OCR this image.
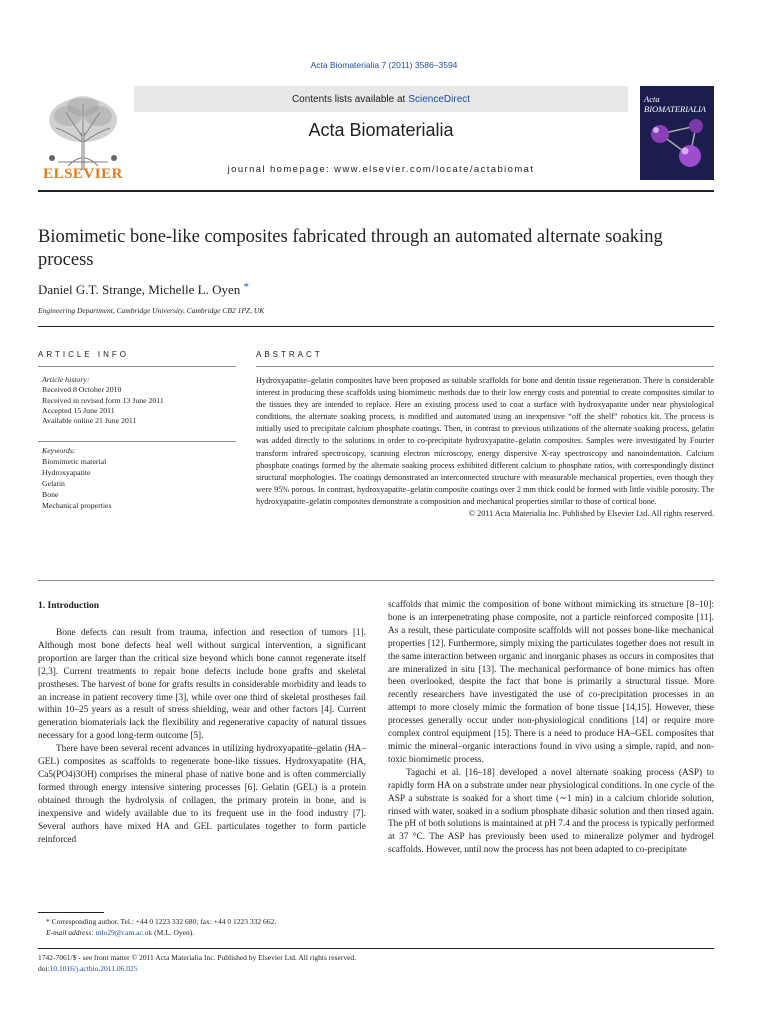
Acta Biomaterialia 7 (2011) 3586–3594
ELSEVIER
Contents lists available at ScienceDirect
Acta Biomaterialia
journal homepage: www.elsevier.com/locate/actabiomat
Acta BIOMATERIALIA
Biomimetic bone-like composites fabricated through an automated alternate soaking process
Daniel G.T. Strange, Michelle L. Oyen *
Engineering Department, Cambridge University, Cambridge CB2 1PZ, UK
ARTICLE INFO	ABSTRACT
Article history:
Received 8 October 2010
Received in revised form 13 June 2011
Accepted 15 June 2011
Available online 21 June 2011
Keywords:
Biomimetic material
Hydroxyapatite
Gelatin
Bone
Mechanical properties
Hydroxyapatite–gelatin composites have been proposed as suitable scaffolds for bone and dentin tissue regeneration. There is considerable interest in producing these scaffolds using biomimetic methods due to their low energy costs and potential to create composites similar to the tissues they are intended to replace. Here an existing process used to coat a surface with hydroxyapatite under near physiological conditions, the alternate soaking process, is modified and automated using an inexpensive “off the shelf” robotics kit. The process is initially used to precipitate calcium phosphate coatings. Then, in contrast to previous utilizations of the alternate soaking process, gelatin was added directly to the solutions in order to co-precipitate hydroxyapatite–gelatin composites. Samples were investigated by Fourier transform infrared spectroscopy, scanning electron microscopy, energy dispersive X-ray spectroscopy and nanoindentation. Calcium phosphate coatings formed by the alternate soaking process exhibited different calcium to phosphate ratios, with correspondingly distinct structural morphologies. The coatings demonstrated an interconnected structure with measurable mechanical properties, even though they were 95% porous. In contrast, hydroxyapatite–gelatin composite coatings over 2 mm thick could be formed with little visible porosity. The hydroxyapatite–gelatin composites demonstrate a composition and mechanical properties similar to those of cortical bone.
© 2011 Acta Materialia Inc. Published by Elsevier Ltd. All rights reserved.
1. Introduction

Bone defects can result from trauma, infection and resection of tumors [1]. Although most bone defects heal well without surgical intervention, a significant proportion are larger than the critical size beyond which bone cannot regenerate itself [2,3]. Current treatments to repair bone defects include bone grafts and skeletal prostheses. The harvest of bone for grafts results in considerable morbidity and leads to an increase in patient recovery time [3], while over one third of skeletal prostheses fail within 10–25 years as a result of stress shielding, wear and other factors [4]. Current generation biomaterials lack the flexibility and regenerative capacity of natural tissues necessary for a good long-term outcome [5].

There have been several recent advances in utilizing hydroxyapatite–gelatin (HA–GEL) composites as scaffolds to regenerate bone-like tissues. Hydroxyapatite (HA, Ca5(PO4)3OH) comprises the mineral phase of native bone and is often commercially formed through energy intensive sintering processes [6]. Gelatin (GEL) is a protein obtained through the hydrolysis of collagen, the primary protein in bone, and is inexpensive and widely available due to its frequent use in the food industry [7]. Several authors have mixed HA and GEL particulates together to form particle reinforced

scaffolds that mimic the composition of bone without mimicking its structure [8–10]: bone is an interpenetrating phase composite, not a particle reinforced composite [11]. As a result, these particulate composite scaffolds will not posses bone-like mechanical properties [12]. Furthermore, simply mixing the particulates together does not result in the same interaction between organic and inorganic phases as occurs in composites that are mineralized in situ [13]. The mechanical performance of bone mimics has often been overlooked, despite the fact that bone is primarily a structural tissue. More recently researchers have investigated the use of co-precipitation processes in an attempt to more closely mimic the formation of bone tissue [14,15]. However, these processes generally occur under non-physiological conditions [14] or require more complex control equipment [15]. There is a need to produce HA–GEL composites that mimic the mineral–organic interactions found in vivo using a simple, rapid, and non-toxic biomimetic process.

Taguchi et al. [16–18] developed a novel alternate soaking process (ASP) to rapidly form HA on a substrate under near physiological conditions. In one cycle of the ASP a substrate is soaked for a short time (∼1 min) in a calcium chloride solution, rinsed with water, soaked in a sodium phosphate dibasic solution and then rinsed again. The pH of both solutions is maintained at pH 7.4 and the process is typically performed at 37 °C. The ASP has previously been used to mineralize polymer and hydrogel scaffolds. However, until now the process has not been adapted to co-precipitate

* Corresponding author. Tel.: +44 0 1223 332 680; fax: +44 0 1223 332 662.
E-mail address: mlo29@cam.ac.uk (M.L. Oyen).
1742-7061/$ - see front matter © 2011 Acta Materialia Inc. Published by Elsevier Ltd. All rights reserved.
doi:10.1016/j.actbio.2011.06.025
